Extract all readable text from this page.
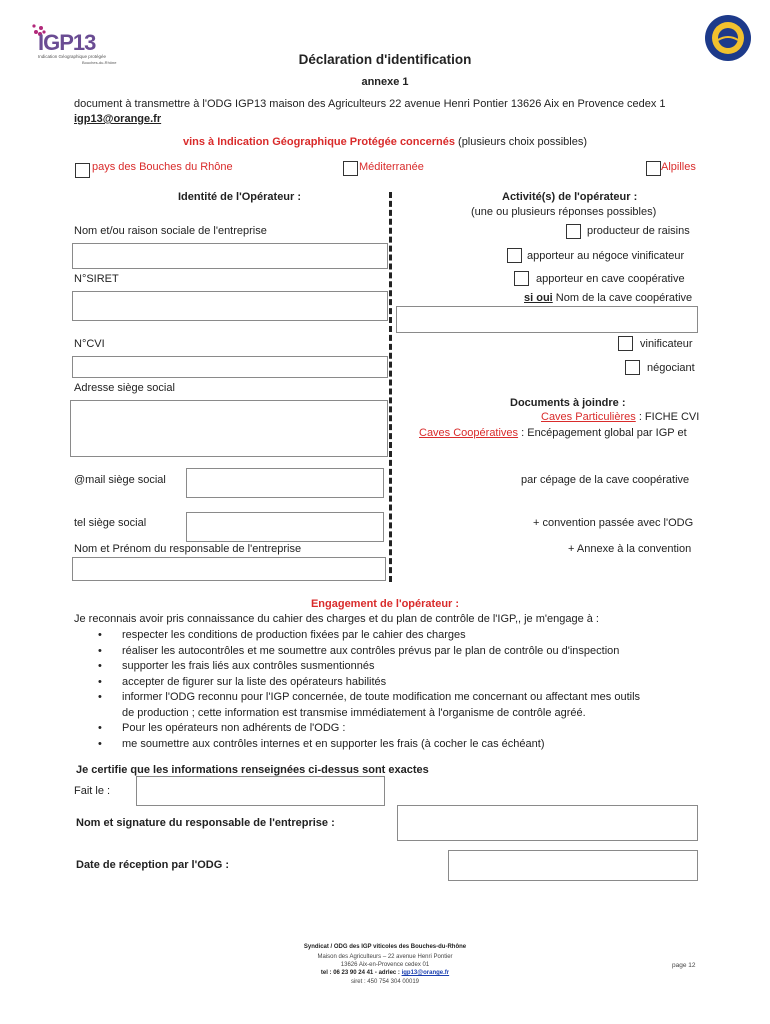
IGP13
Indication Géographique protégée
Bouches-du-Rhône	Déclaration d'identification
annexe 1
document à transmettre à l'ODG IGP13 maison des Agriculteurs 22 avenue Henri Pontier 13626 Aix en Provence cedex 1
igp13@orange.fr
vins à Indication Géographique Protégée concernés (plusieurs choix possibles)
pays des Bouches du Rhône	Méditerranée	Alpilles
Identité de l'Opérateur :
Nom et/ou raison sociale de l'entreprise
N°SIRET
N°CVI
Adresse siège social
@mail siège social
tel siège social
Nom et Prénom du responsable de l'entreprise
Activité(s) de l'opérateur :
(une ou plusieurs réponses possibles)
producteur de raisins
apporteur au négoce vinificateur
apporteur en cave coopérative
si oui Nom de la cave coopérative
vinificateur
négociant
Documents à joindre :
Caves Particulières : FICHE CVI
Caves Coopératives : Encépagement global par IGP et
par cépage de la cave coopérative
+ convention passée avec l'ODG
+ Annexe à la convention
Engagement de l'opérateur :
Je reconnais avoir pris connaissance du cahier des charges et du plan de contrôle de l'IGP,, je m'engage à :
• respecter les conditions de production fixées par le cahier des charges
• réaliser les autocontrôles et me soumettre aux contrôles prévus par le plan de contrôle ou d'inspection
• supporter les frais liés aux contrôles susmentionnés
• accepter de figurer sur la liste des opérateurs habilités
• informer l'ODG reconnu pour l'IGP concernée, de toute modification me concernant ou affectant mes outils
de production ; cette information est transmise immédiatement à l'organisme de contrôle agréé.
• Pour les opérateurs non adhérents de l'ODG :
• me soumettre aux contrôles internes et en supporter les frais (à cocher le cas échéant)
Je certifie que les informations renseignées ci-dessus sont exactes
Fait le :
Nom et signature du responsable de l'entreprise :
Date de réception par l'ODG :
Syndicat / ODG des IGP viticoles des Bouches-du-Rhône
Maison des Agriculteurs – 22 avenue Henri Pontier
13626 Aix-en-Provence cedex 01
tel : 06 23 90 24 41 - adrlec : igp13@orange.fr
siret : 450 754 304 00019
page 12
